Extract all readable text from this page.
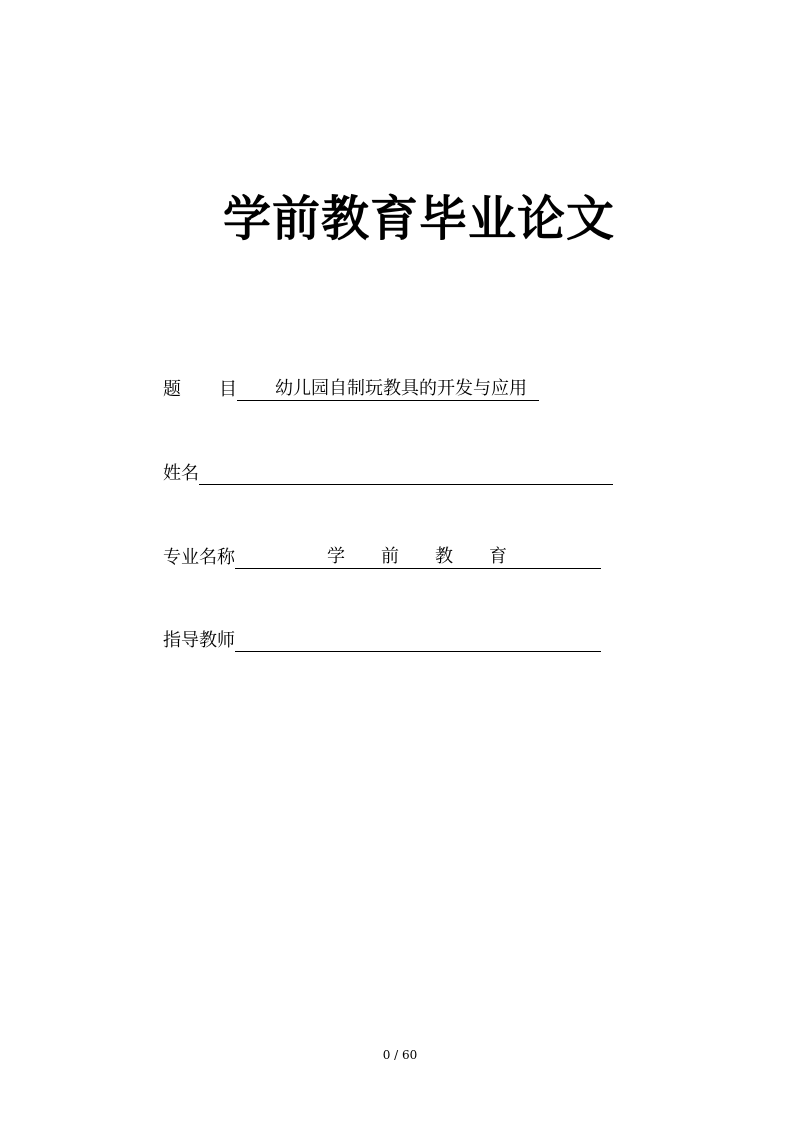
学前教育毕业论文
题 目 幼儿园自制玩教具的开发与应用
姓名
专业名称	学　　前　　教　　育
指导教师
0 / 60
